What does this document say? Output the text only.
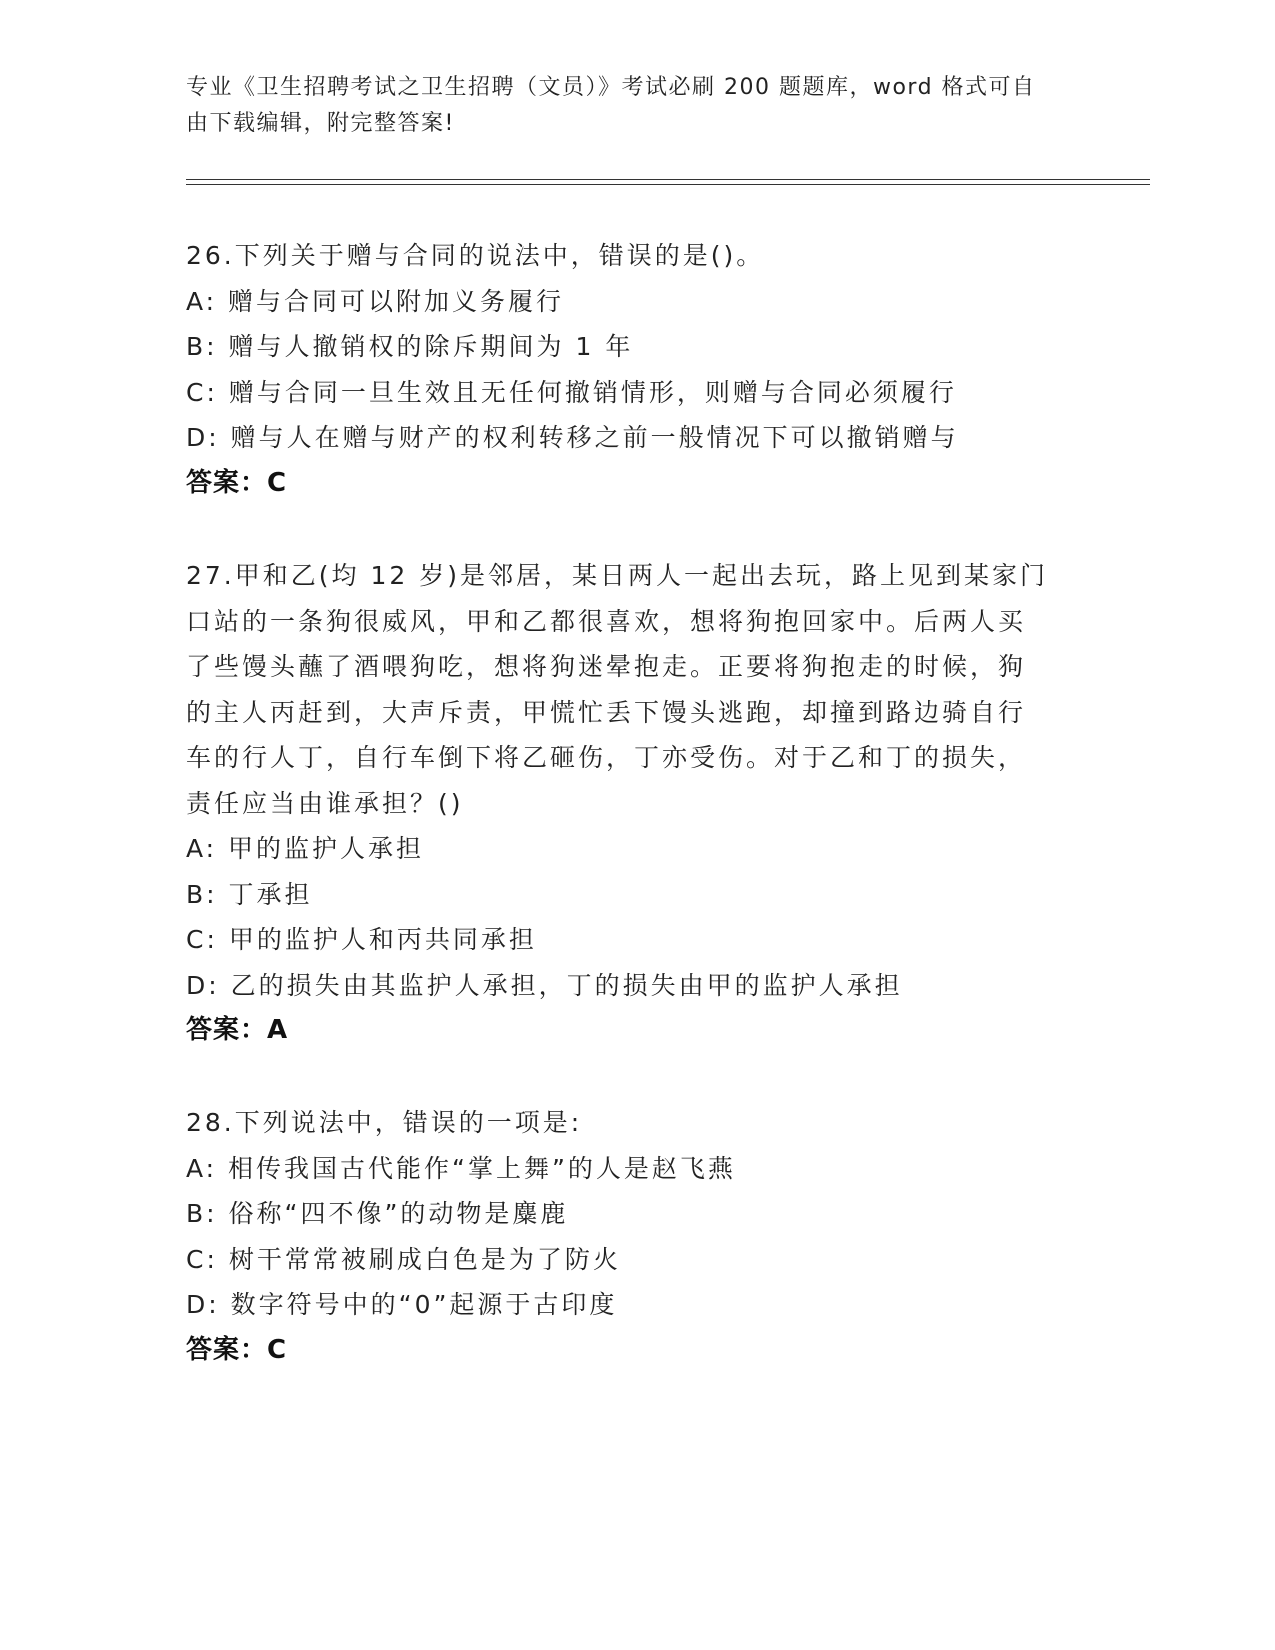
专业《卫生招聘考试之卫生招聘（文员）》考试必刷 200 题题库，word 格式可自
由下载编辑，附完整答案!
26.下列关于赠与合同的说法中，错误的是()。
A: 赠与合同可以附加义务履行
B: 赠与人撤销权的除斥期间为 1 年
C: 赠与合同一旦生效且无任何撤销情形，则赠与合同必须履行
D: 赠与人在赠与财产的权利转移之前一般情况下可以撤销赠与
答案：C
27.甲和乙(均 12 岁)是邻居，某日两人一起出去玩，路上见到某家门
口站的一条狗很威风，甲和乙都很喜欢，想将狗抱回家中。后两人买
了些馒头蘸了酒喂狗吃，想将狗迷晕抱走。正要将狗抱走的时候，狗
的主人丙赶到，大声斥责，甲慌忙丢下馒头逃跑，却撞到路边骑自行
车的行人丁，自行车倒下将乙砸伤，丁亦受伤。对于乙和丁的损失，
责任应当由谁承担？()
A: 甲的监护人承担
B: 丁承担
C: 甲的监护人和丙共同承担
D: 乙的损失由其监护人承担，丁的损失由甲的监护人承担
答案：A
28.下列说法中，错误的一项是:
A: 相传我国古代能作“掌上舞”的人是赵飞燕
B: 俗称“四不像”的动物是麋鹿
C: 树干常常被刷成白色是为了防火
D: 数字符号中的“0”起源于古印度
答案：C
